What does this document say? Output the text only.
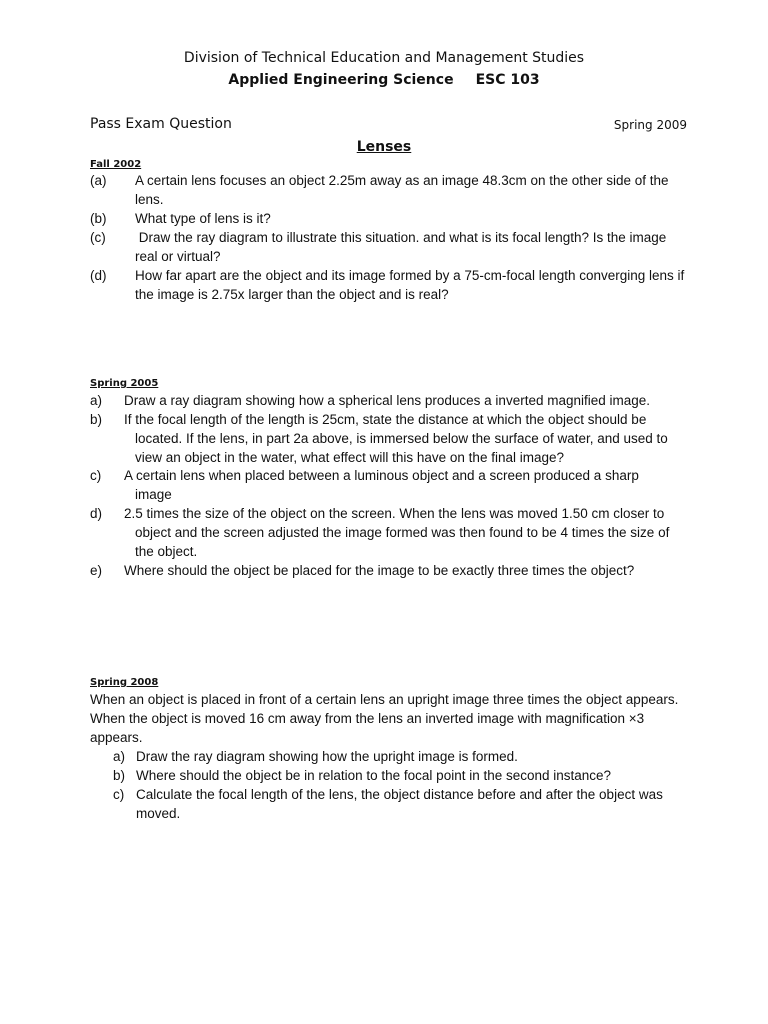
Division of Technical Education and Management Studies
Applied Engineering Science ESC 103
Pass Exam Question	Spring 2009
Lenses
Fall 2002
(a) A certain lens focuses an object 2.25m away as an image 48.3cm on the other side of the lens.
(b) What type of lens is it?
(c) Draw the ray diagram to illustrate this situation. and what is its focal length? Is the image real or virtual?
(d) How far apart are the object and its image formed by a 75-cm-focal length converging lens if the image is 2.75x larger than the object and is real?
Spring 2005
a) Draw a ray diagram showing how a spherical lens produces a inverted magnified image.
b) If the focal length of the length is 25cm, state the distance at which the object should be
located. If the lens, in part 2a above, is immersed below the surface of water, and used to view an object in the water, what effect will this have on the final image?
c) A certain lens when placed between a luminous object and a screen produced a sharp
image
d) 2.5 times the size of the object on the screen. When the lens was moved 1.50 cm closer to
object and the screen adjusted the image formed was then found to be 4 times the size of the object.
e) Where should the object be placed for the image to be exactly three times the object?
Spring 2008
When an object is placed in front of a certain lens an upright image three times the object appears. When the object is moved 16 cm away from the lens an inverted image with magnification ×3 appears.
a) Draw the ray diagram showing how the upright image is formed.
b) Where should the object be in relation to the focal point in the second instance?
c) Calculate the focal length of the lens, the object distance before and after the object was moved.
